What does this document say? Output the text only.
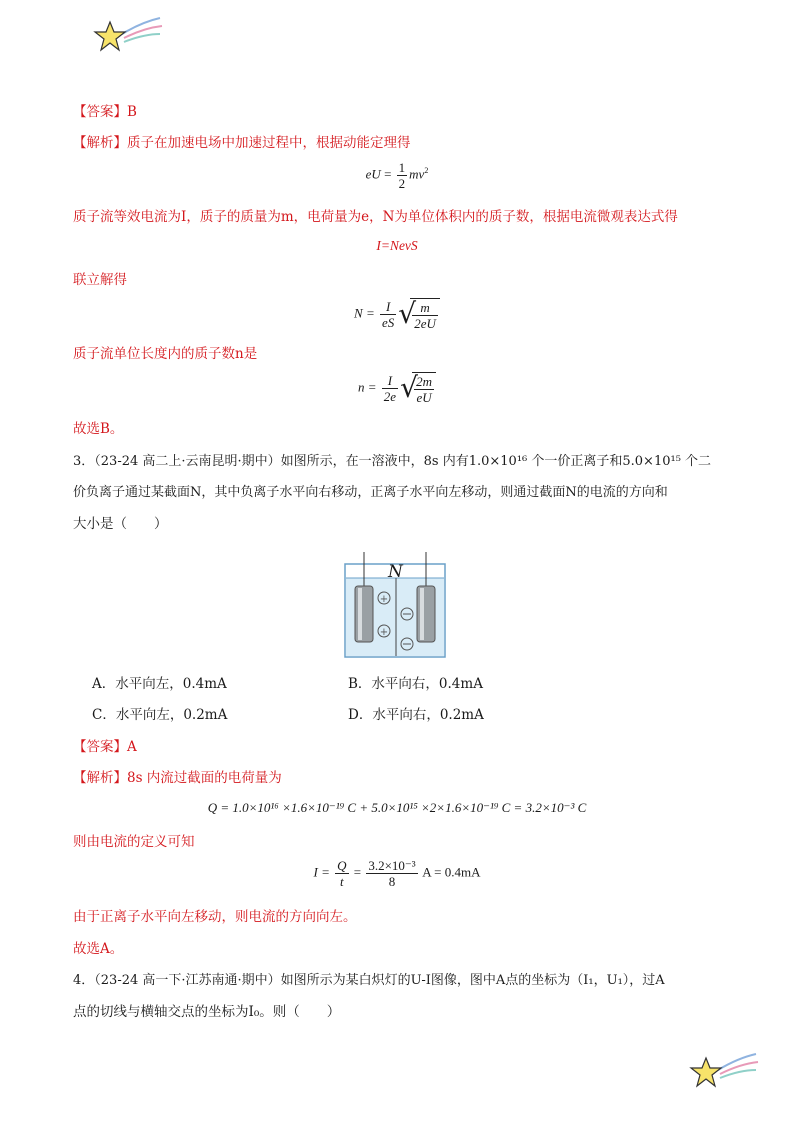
【答案】B
【解析】质子在加速电场中加速过程中，根据动能定理得
eU = $\frac{1}{2} mv^2$
质子流等效电流为I，质子的质量为m，电荷量为e，N为单位体积内的质子数，根据电流微观表达式得
I=NevS
联立解得
$N = \frac{I}{eS}$ √
$\frac{m}{2eU}$
质子流单位长度内的质子数n是
$n = \frac{I}{2e}$ √
$\frac{2m}{eU}$
故选B。
3．（23-24 高二上·云南昆明·期中）如图所示，在一溶液中，8s 内有1.0×10¹⁶ 个一价正离子和5.0×10¹⁵ 个二
价负离子通过某截面N，其中负离子水平向右移动，正离子水平向左移动，则通过截面N的电流的方向和
大小是（　　）
+
+
N
A．水平向左，0.4mA	B．水平向右，0.4mA
C．水平向左，0.2mA	D．水平向右，0.2mA
【答案】A
【解析】8s 内流过截面的电荷量为
Q = 1.0×10¹⁶ ×1.6×10⁻¹⁹ C + 5.0×10¹⁵ ×2×1.6×10⁻¹⁹ C = 3.2×10⁻³ C
则由电流的定义可知
$I = \frac{Q}{t} = \frac{\text{3.2×10⁻³}}{8}$ A = 0.4mA
由于正离子水平向左移动，则电流的方向向左。
故选A。
4．（23-24 高一下·江苏南通·期中）如图所示为某白炽灯的U-I图像，图中A点的坐标为（I₁，U₁），过A
点的切线与横轴交点的坐标为I₀。则（　　）
